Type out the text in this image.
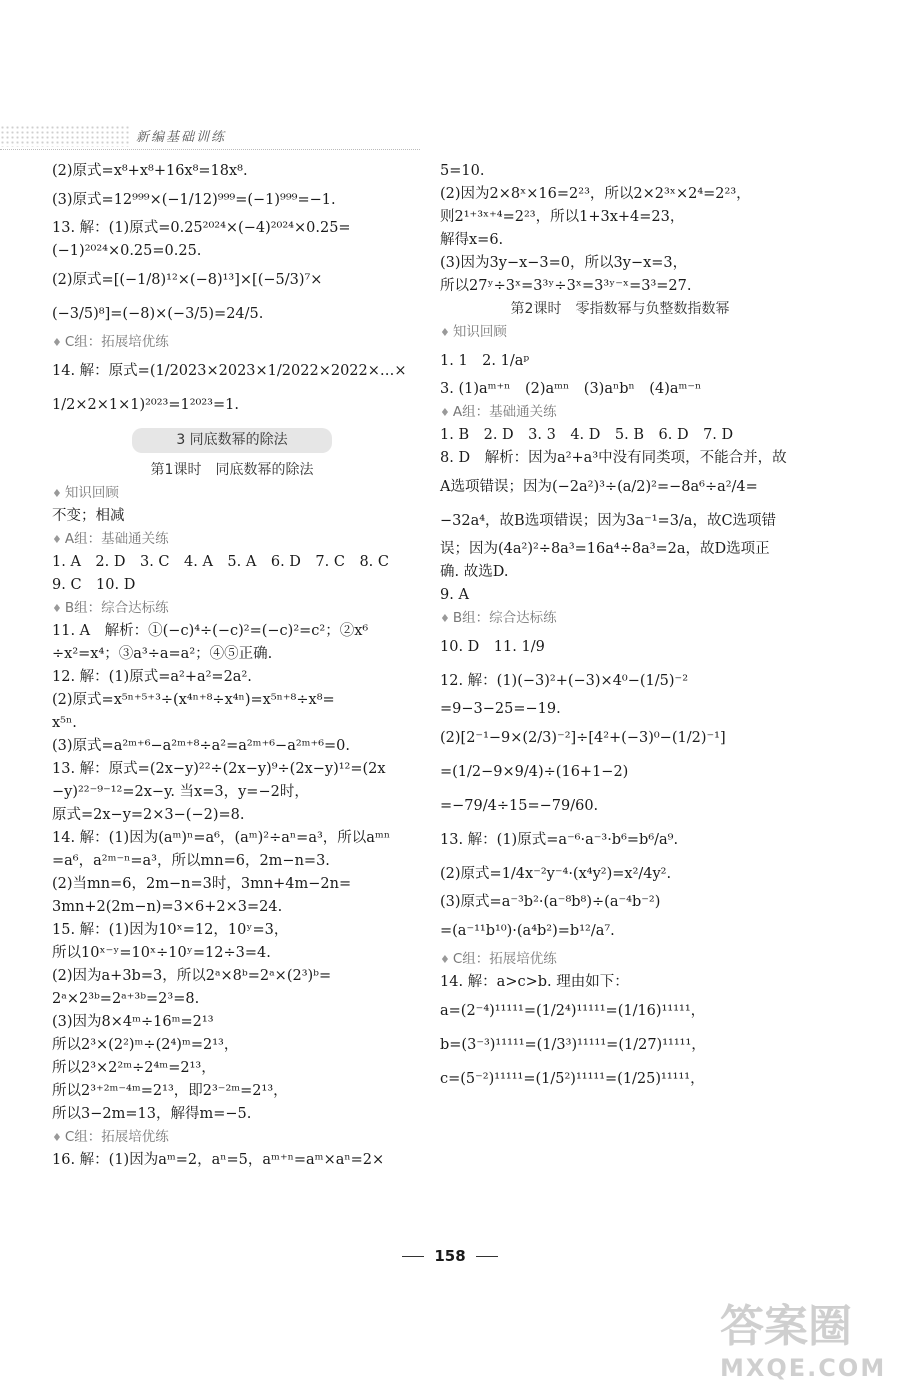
新编基础训练
(2)原式=x⁸+x⁸+16x⁸=18x⁸.
(3)原式=12⁹⁹⁹×(−1/12)⁹⁹⁹=(−1)⁹⁹⁹=−1.
13. 解：(1)原式=0.25²⁰²⁴×(−4)²⁰²⁴×0.25=
(−1)²⁰²⁴×0.25=0.25.
(2)原式=[(−1/8)¹²×(−8)¹³]×[(−5/3)⁷×
(−3/5)⁸]=(−8)×(−3/5)=24/5.
♦ C组：拓展培优练
14. 解：原式=(1/2023×2023×1/2022×2022×…×
1/2×2×1×1)²⁰²³=1²⁰²³=1.
3 同底数幂的除法
第1课时　同底数幂的除法
♦ 知识回顾
不变；相减
♦ A组：基础通关练
1. A　2. D　3. C　4. A　5. A　6. D　7. C　8. C
9. C　10. D
♦ B组：综合达标练
11. A　解析：①(−c)⁴÷(−c)²=(−c)²=c²；②x⁶
÷x²=x⁴；③a³÷a=a²；④⑤正确.
12. 解：(1)原式=a²+a²=2a².
(2)原式=x⁵ⁿ⁺⁵⁺³÷(x⁴ⁿ⁺⁸÷x⁴ⁿ)=x⁵ⁿ⁺⁸÷x⁸=
x⁵ⁿ.
(3)原式=a²ᵐ⁺⁶−a²ᵐ⁺⁸÷a²=a²ᵐ⁺⁶−a²ᵐ⁺⁶=0.
13. 解：原式=(2x−y)²²÷(2x−y)⁹÷(2x−y)¹²=(2x
−y)²²⁻⁹⁻¹²=2x−y. 当x=3，y=−2时，
原式=2x−y=2×3−(−2)=8.
14. 解：(1)因为(aᵐ)ⁿ=a⁶，(aᵐ)²÷aⁿ=a³，所以aᵐⁿ
=a⁶，a²ᵐ⁻ⁿ=a³，所以mn=6，2m−n=3.
(2)当mn=6，2m−n=3时，3mn+4m−2n=
3mn+2(2m−n)=3×6+2×3=24.
15. 解：(1)因为10ˣ=12，10ʸ=3，
所以10ˣ⁻ʸ=10ˣ÷10ʸ=12÷3=4.
(2)因为a+3b=3，所以2ᵃ×8ᵇ=2ᵃ×(2³)ᵇ=
2ᵃ×2³ᵇ=2ᵃ⁺³ᵇ=2³=8.
(3)因为8×4ᵐ÷16ᵐ=2¹³
所以2³×(2²)ᵐ÷(2⁴)ᵐ=2¹³，
所以2³×2²ᵐ÷2⁴ᵐ=2¹³，
所以2³⁺²ᵐ⁻⁴ᵐ=2¹³，即2³⁻²ᵐ=2¹³，
所以3−2m=13，解得m=−5.
♦ C组：拓展培优练
16. 解：(1)因为aᵐ=2，aⁿ=5，aᵐ⁺ⁿ=aᵐ×aⁿ=2×
5=10.
(2)因为2×8ˣ×16=2²³，所以2×2³ˣ×2⁴=2²³，
则2¹⁺³ˣ⁺⁴=2²³，所以1+3x+4=23，
解得x=6.
(3)因为3y−x−3=0，所以3y−x=3，
所以27ʸ÷3ˣ=3³ʸ÷3ˣ=3³ʸ⁻ˣ=3³=27.
第2课时　零指数幂与负整数指数幂
♦ 知识回顾
1. 1　2. 1/aᵖ
3. (1)aᵐ⁺ⁿ　(2)aᵐⁿ　(3)aⁿbⁿ　(4)aᵐ⁻ⁿ
♦ A组：基础通关练
1. B　2. D　3. 3　4. D　5. B　6. D　7. D
8. D　解析：因为a²+a³中没有同类项，不能合并，故
A选项错误；因为(−2a²)³÷(a/2)²=−8a⁶÷a²/4=
−32a⁴，故B选项错误；因为3a⁻¹=3/a，故C选项错
误；因为(4a²)²÷8a³=16a⁴÷8a³=2a，故D选项正
确. 故选D.
9. A
♦ B组：综合达标练
10. D　11. 1/9
12. 解：(1)(−3)²+(−3)×4⁰−(1/5)⁻²
=9−3−25=−19.
(2)[2⁻¹−9×(2/3)⁻²]÷[4²+(−3)⁰−(1/2)⁻¹]
=(1/2−9×9/4)÷(16+1−2)
=−79/4÷15=−79/60.
13. 解：(1)原式=a⁻⁶·a⁻³·b⁶=b⁶/a⁹.
(2)原式=1/4x⁻²y⁻⁴·(x⁴y²)=x²/4y².
(3)原式=a⁻³b²·(a⁻⁸b⁸)÷(a⁻⁴b⁻²)
=(a⁻¹¹b¹⁰)·(a⁴b²)=b¹²/a⁷.
♦ C组：拓展培优练
14. 解：a>c>b. 理由如下：
a=(2⁻⁴)¹¹¹¹¹=(1/2⁴)¹¹¹¹¹=(1/16)¹¹¹¹¹，
b=(3⁻³)¹¹¹¹¹=(1/3³)¹¹¹¹¹=(1/27)¹¹¹¹¹，
c=(5⁻²)¹¹¹¹¹=(1/5²)¹¹¹¹¹=(1/25)¹¹¹¹¹，
158
答案圈
MXQE.COM
